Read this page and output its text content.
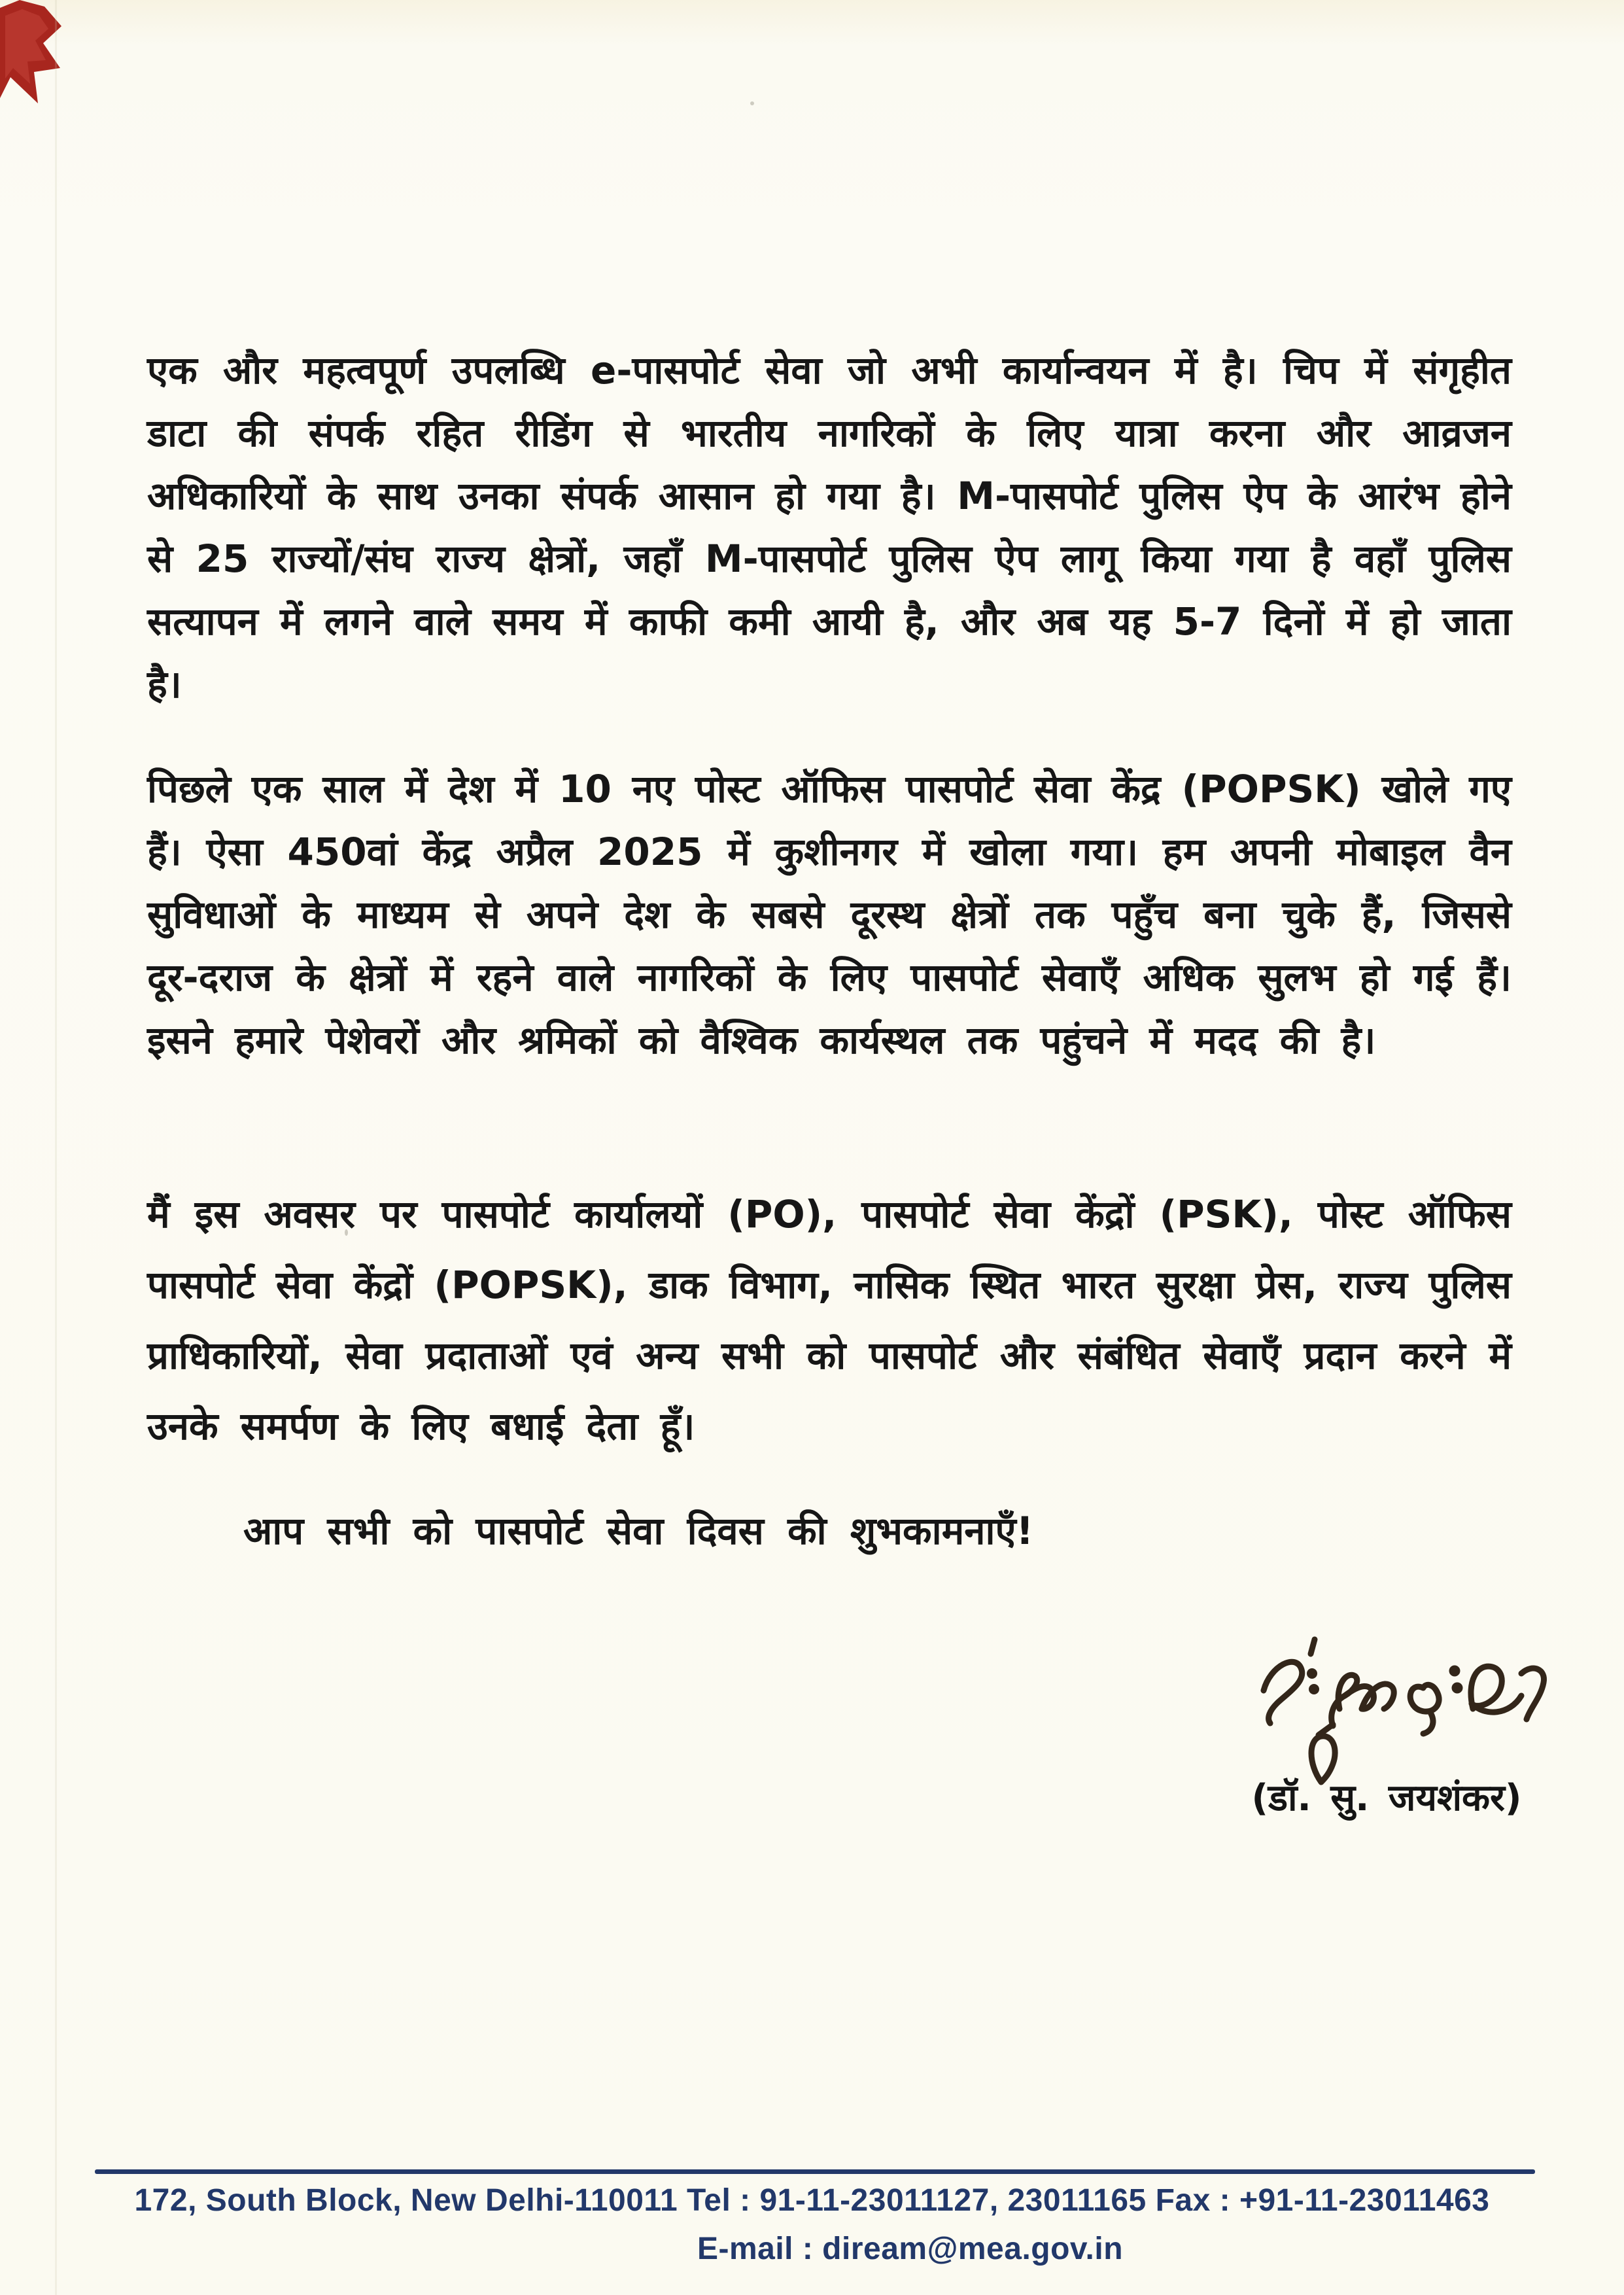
एक और महत्वपूर्ण उपलब्धि e-पासपोर्ट सेवा जो अभी कार्यान्वयन में है। चिप में संगृहीत
डाटा की संपर्क रहित रीडिंग से भारतीय नागरिकों के लिए यात्रा करना और आव्रजन
अधिकारियों के साथ उनका संपर्क आसान हो गया है। M-पासपोर्ट पुलिस ऐप के आरंभ होने
से 25 राज्यों/संघ राज्य क्षेत्रों, जहाँ M-पासपोर्ट पुलिस ऐप लागू किया गया है वहाँ पुलिस
सत्यापन में लगने वाले समय में काफी कमी आयी है, और अब यह 5-7 दिनों में हो जाता
है।
पिछले एक साल में देश में 10 नए पोस्ट ऑफिस पासपोर्ट सेवा केंद्र (POPSK) खोले गए
हैं। ऐसा 450वां केंद्र अप्रैल 2025 में कुशीनगर में खोला गया। हम अपनी मोबाइल वैन
सुविधाओं के माध्यम से अपने देश के सबसे दूरस्थ क्षेत्रों तक पहुँच बना चुके हैं, जिससे
दूर-दराज के क्षेत्रों में रहने वाले नागरिकों के लिए पासपोर्ट सेवाएँ अधिक सुलभ हो गई हैं।
इसने हमारे पेशेवरों और श्रमिकों को वैश्विक कार्यस्थल तक पहुंचने में मदद की है।
मैं इस अवसर पर पासपोर्ट कार्यालयों (PO), पासपोर्ट सेवा केंद्रों (PSK), पोस्ट ऑफिस
पासपोर्ट सेवा केंद्रों (POPSK), डाक विभाग, नासिक स्थित भारत सुरक्षा प्रेस, राज्य पुलिस
प्राधिकारियों, सेवा प्रदाताओं एवं अन्य सभी को पासपोर्ट और संबंधित सेवाएँ प्रदान करने में
उनके समर्पण के लिए बधाई देता हूँ।
आप सभी को पासपोर्ट सेवा दिवस की शुभकामनाएँ!
(डॉ. सु. जयशंकर)
172, South Block, New Delhi-110011 Tel : 91-11-23011127, 23011165 Fax : +91-11-23011463
E-mail : diream@mea.gov.in
